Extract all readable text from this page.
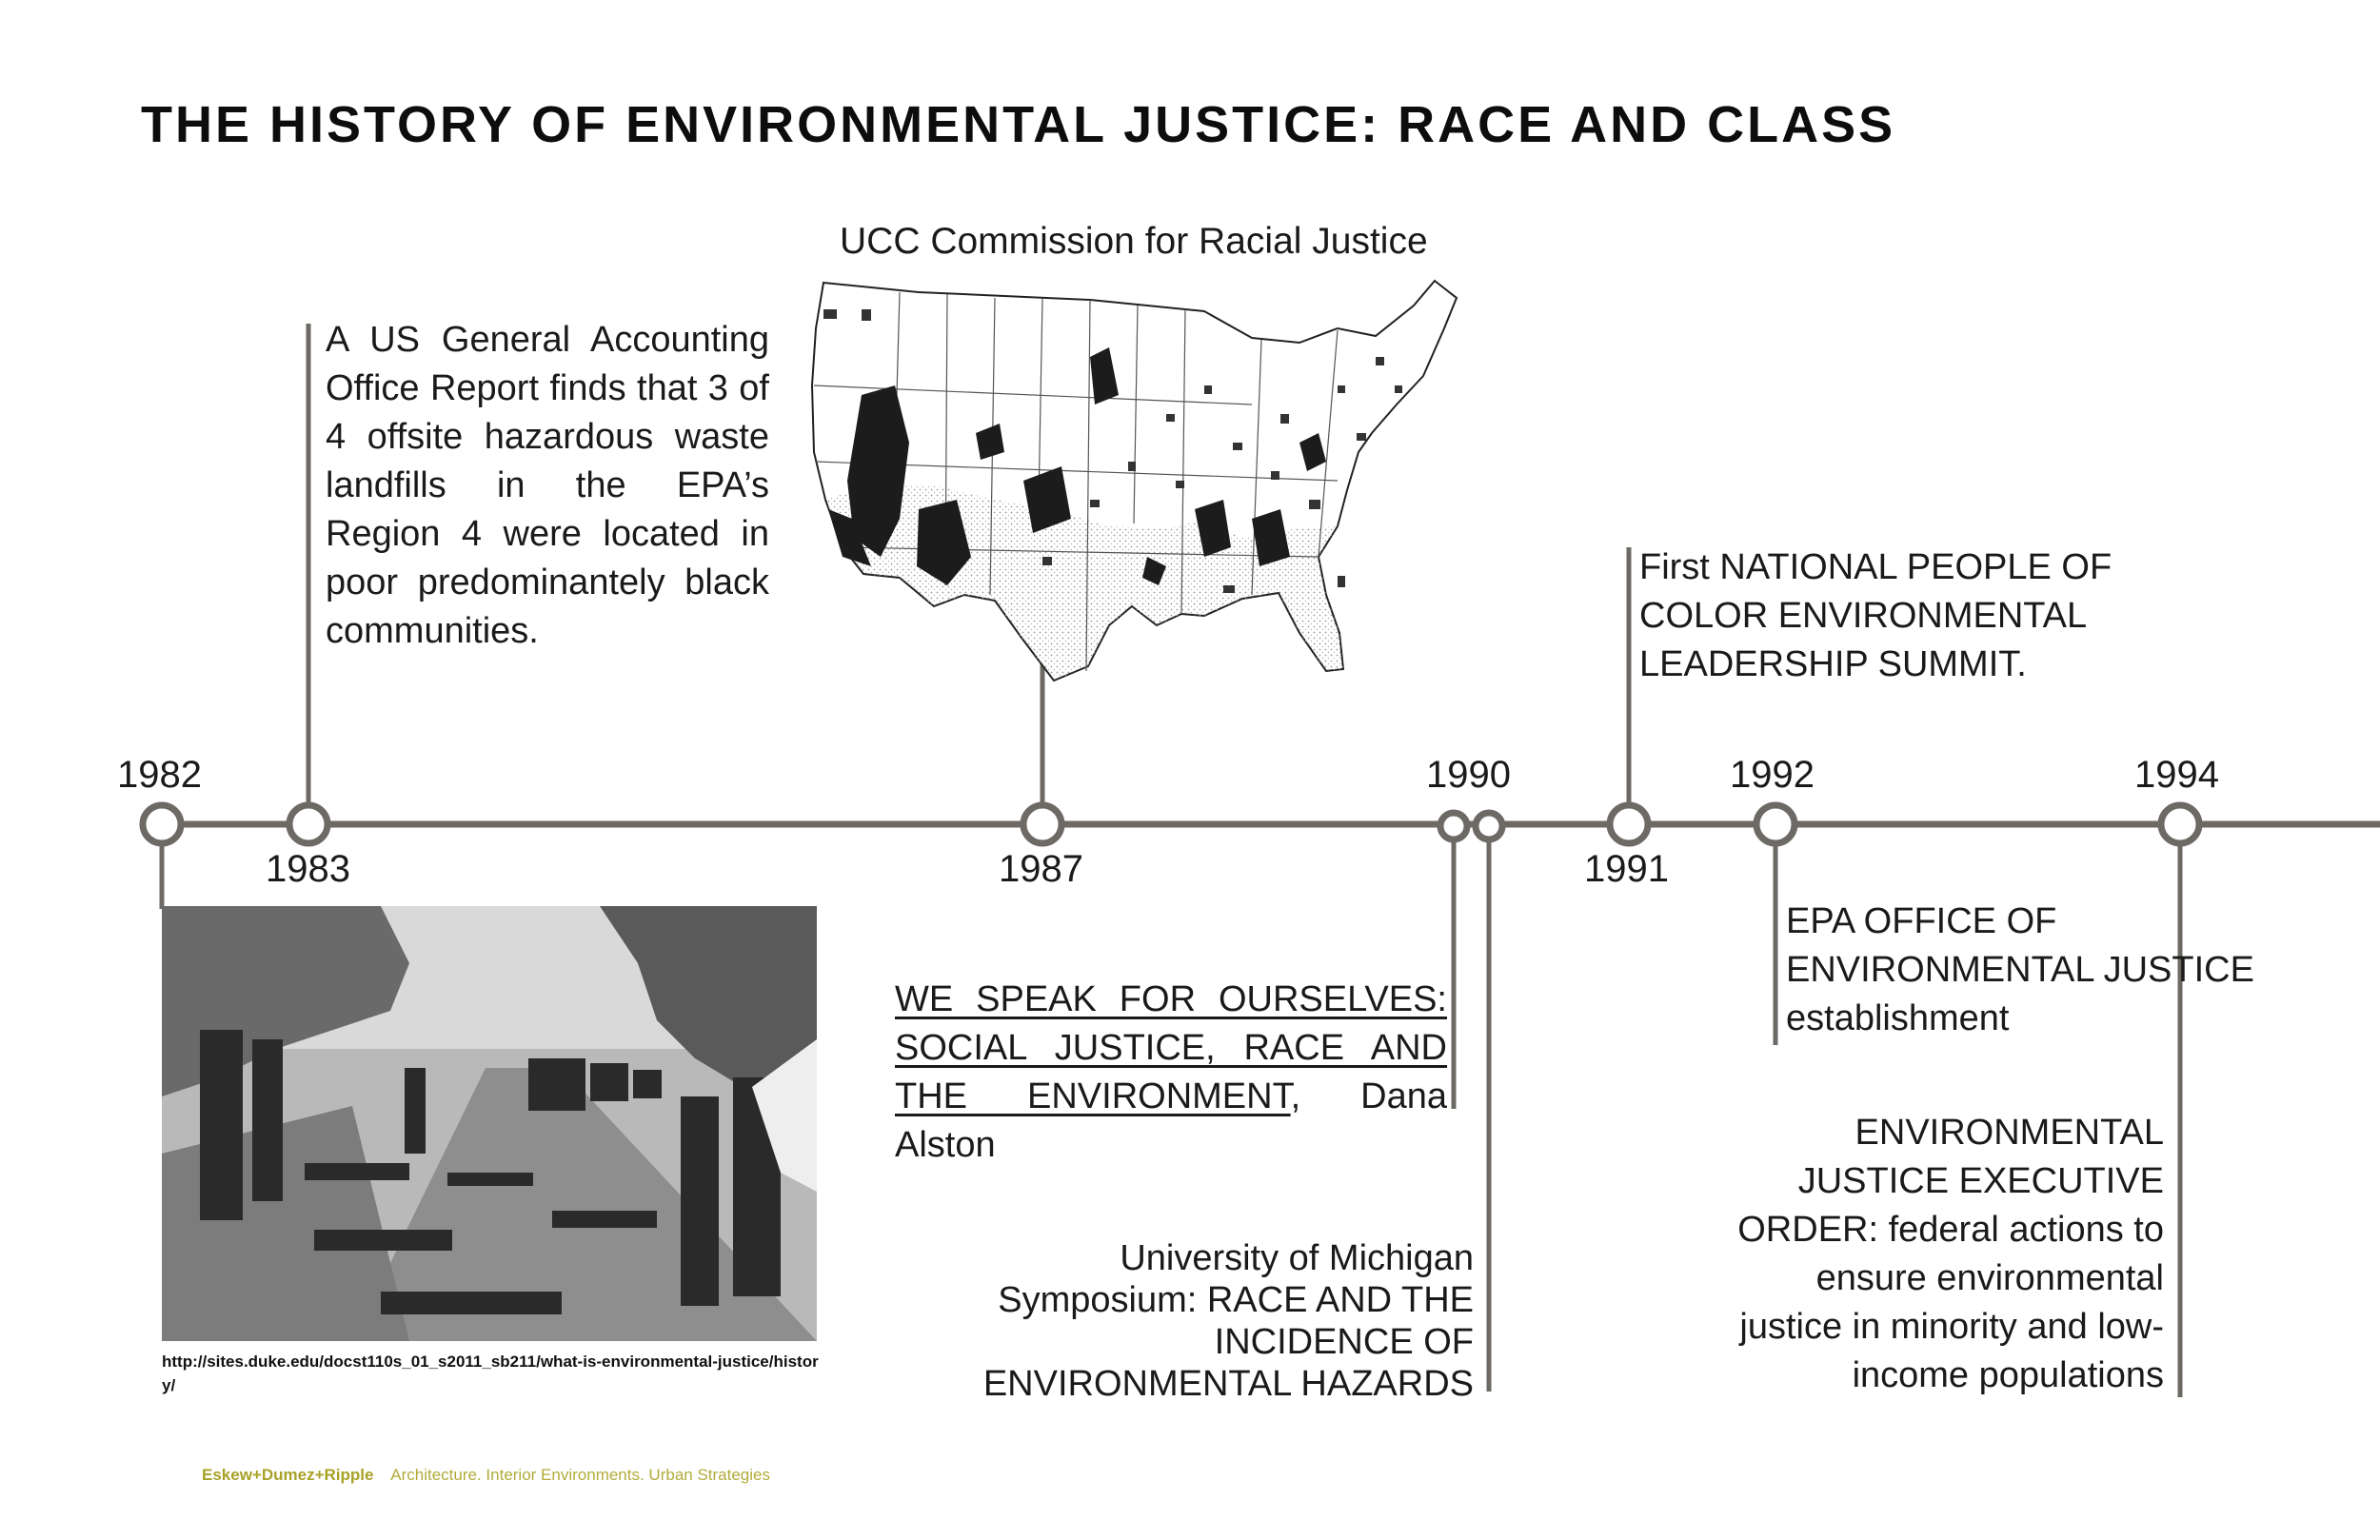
THE HISTORY OF ENVIRONMENTAL JUSTICE: RACE AND CLASS
1982
1983	1987
1990
1991
1992	1994
A US General Accounting Office Report finds that 3 of 4 offsite hazardous waste landfills in the EPA’s Region 4 were located in poor predominantely black communities.
UCC Commission for Racial Justice
http://sites.duke.edu/docst110s_01_s2011_sb211/what-is-environmental-justice/history/
WE SPEAK FOR OURSELVES: SOCIAL JUSTICE, RACE AND THE ENVIRONMENT, Dana Alston
University of Michigan Symposium: RACE AND THE INCIDENCE OF ENVIRONMENTAL HAZARDS
First NATIONAL PEOPLE OF COLOR ENVIRONMENTAL LEADERSHIP SUMMIT.
EPA OFFICE OF ENVIRONMENTAL JUSTICE establishment
ENVIRONMENTAL JUSTICE EXECUTIVE ORDER: federal actions to ensure environmental justice in minority and low-income populations
Eskew+Dumez+Ripple Architecture. Interior Environments. Urban Strategies
